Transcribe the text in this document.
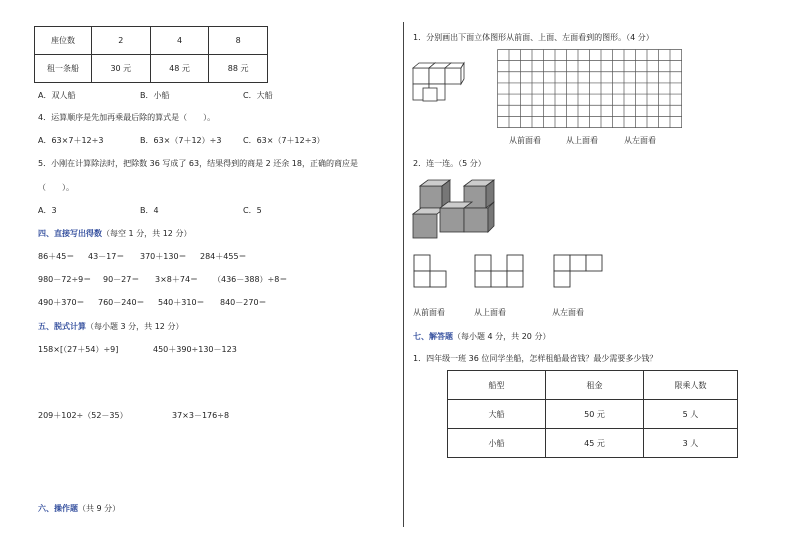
座位数	2	4	8
租一条船	30 元	48 元	88 元
A．双人船	B．小船	C．大船
4．运算顺序是先加再乘最后除的算式是（　　）。
A．63×7＋12÷3	B．63×（7＋12）÷3	C．63×（7＋12÷3）
5．小刚在计算除法时，把除数 36 写成了 63，结果得到的商是 2 还余 18，正确的商应是
（　　）。
A．3	B．4	C．5
四、直接写出得数（每空 1 分，共 12 分）
86＋45＝ 43－17＝ 370＋130＝ 284＋455＝
980－72÷9＝ 90－27＝ 3×8＋74＝ （436－388）÷8＝
490＋370＝ 760－240＝ 540＋310＝ 840－270＝
五、脱式计算（每小题 3 分，共 12 分）
158×[（27＋54）÷9]	450＋390÷130－123
209＋102÷（52－35）	37×3－176÷8
六、操作题（共 9 分）
1．分别画出下面立体图形从前面、上面、左面看到的图形。（4 分）
从前面看	从上面看	从左面看
2．连一连。（5 分）
从前面看	从上面看	从左面看
七、解答题（每小题 4 分，共 20 分）
1．四年级一班 36 位同学坐船，怎样租船最省钱？最少需要多少钱？
船型	租金	限乘人数
大船	50 元	5 人
小船	45 元	3 人
